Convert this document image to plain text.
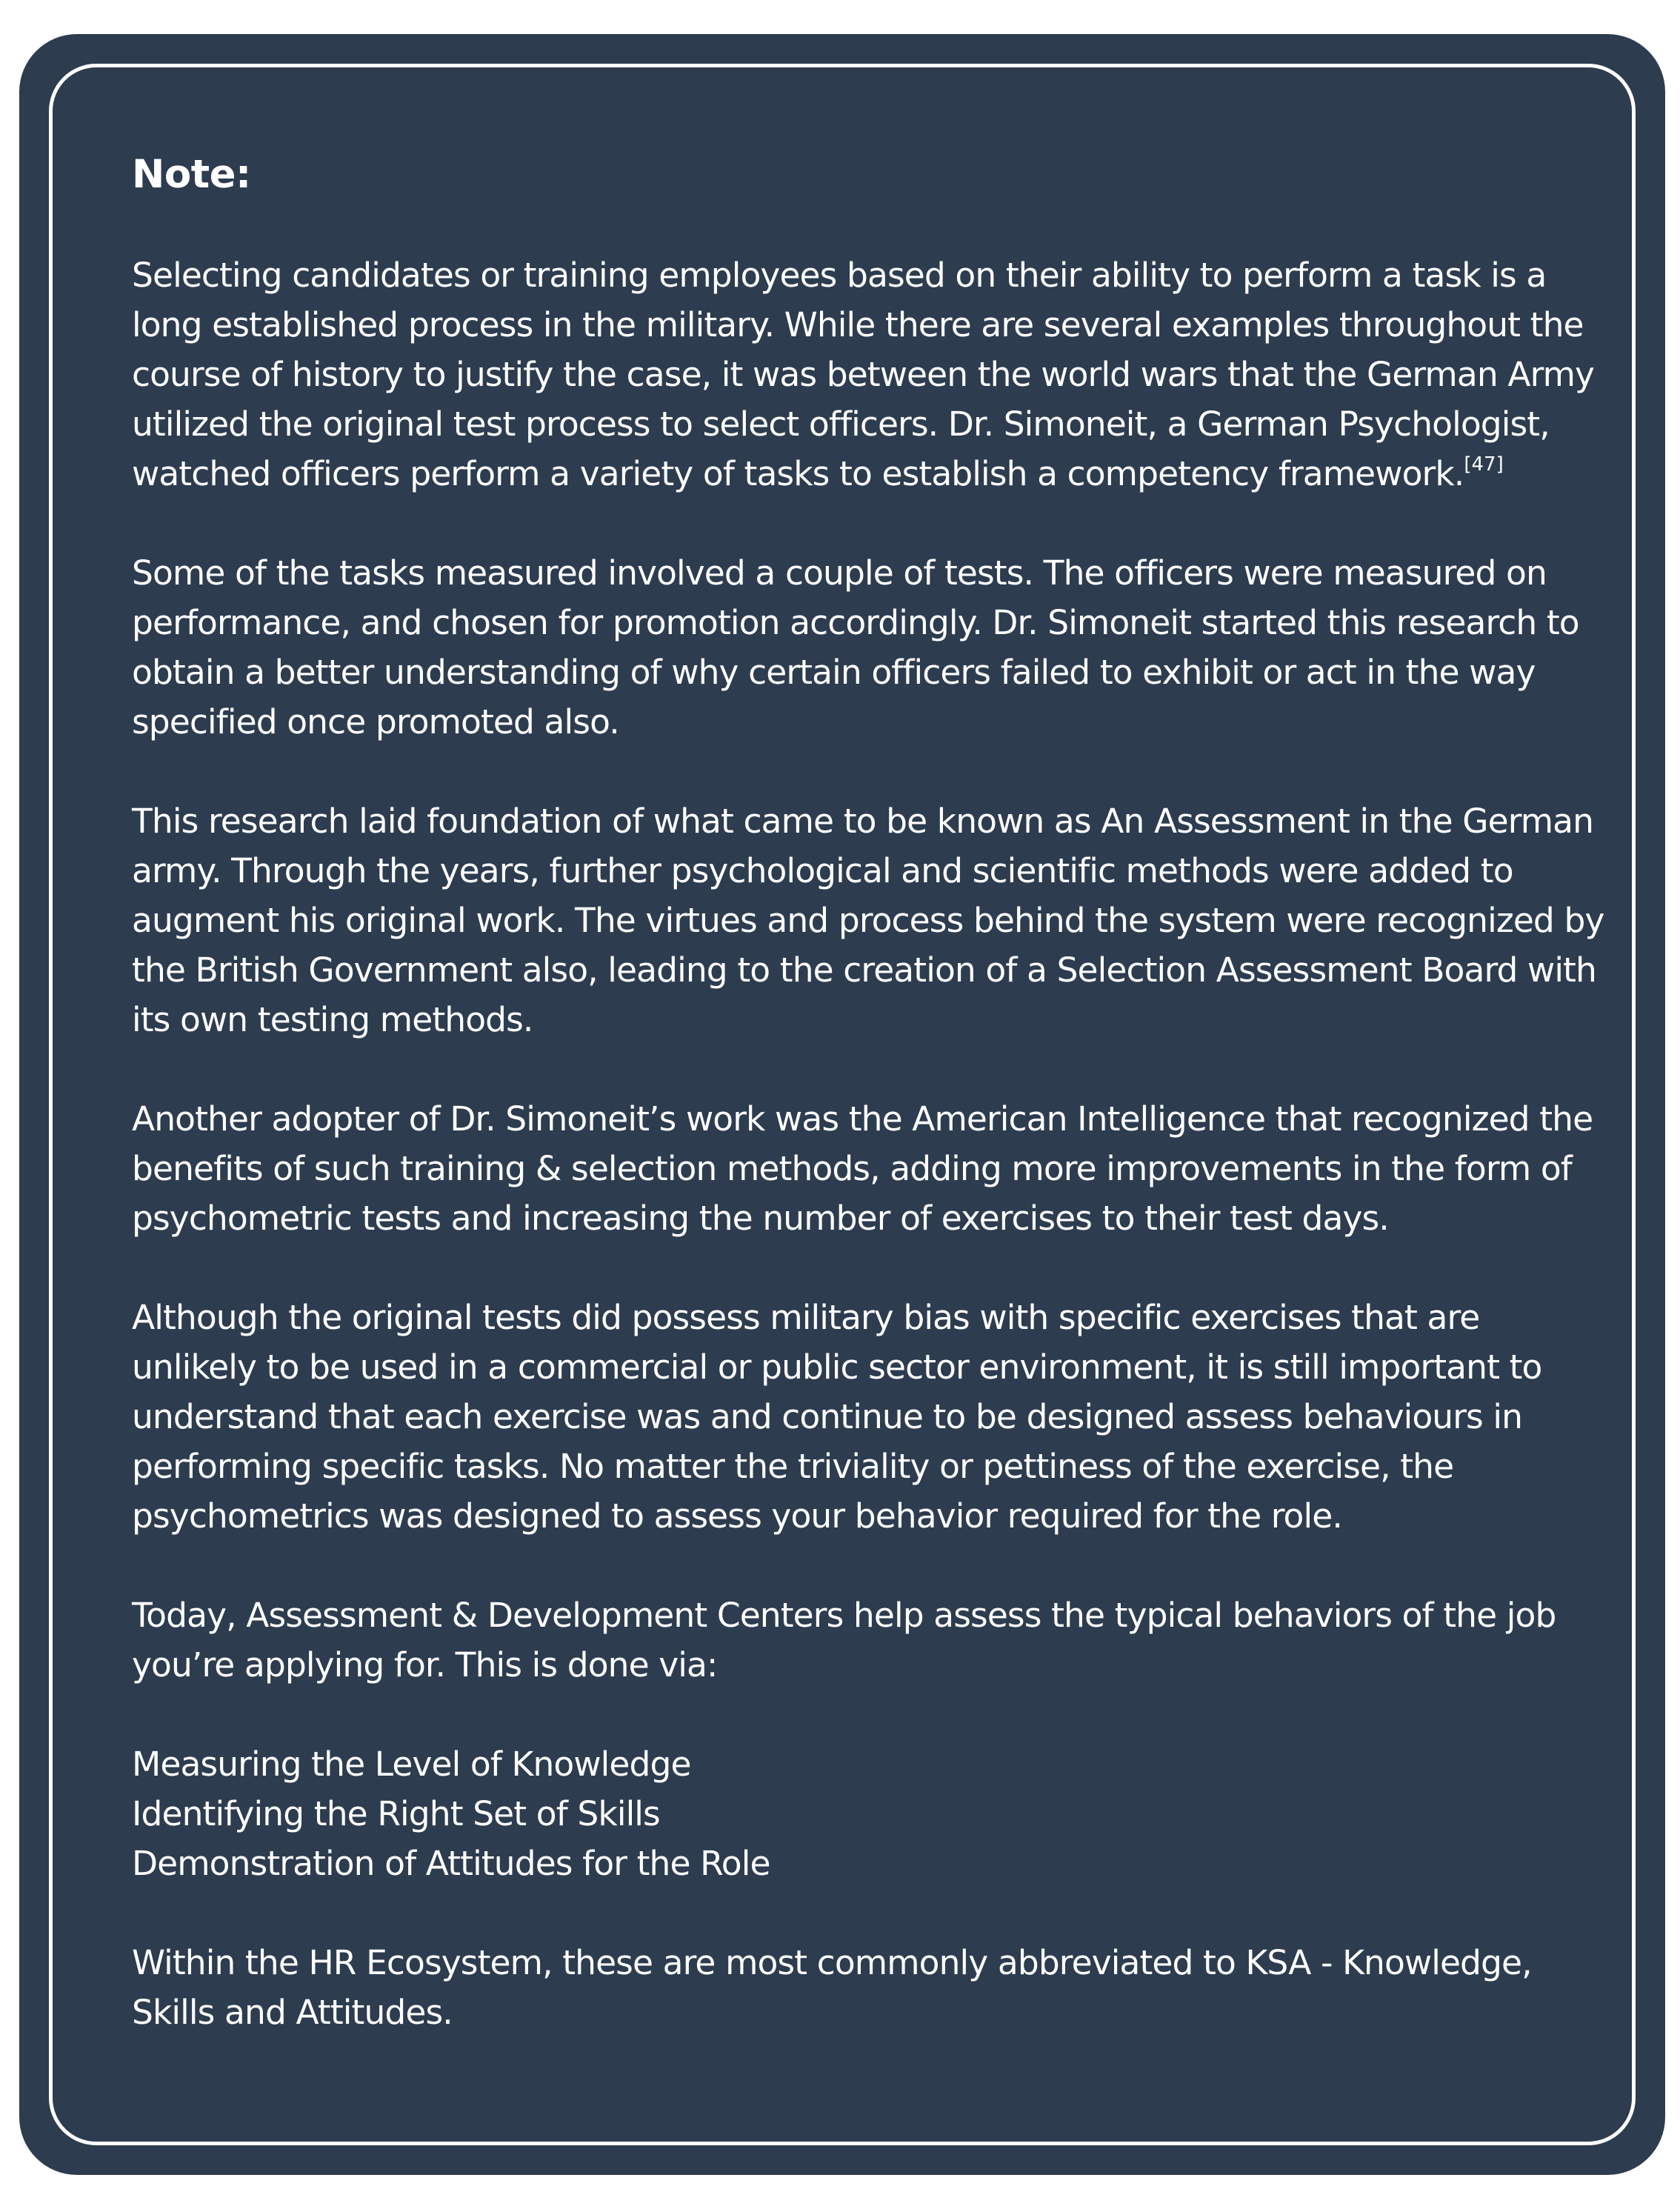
Note:

Selecting candidates or training employees based on their ability to perform a task is a long established process in the military. While there are several examples throughout the course of history to justify the case, it was between the world wars that the German Army utilized the original test process to select officers. Dr. Simoneit, a German Psychologist, watched officers perform a variety of tasks to establish a competency framework.[47]

Some of the tasks measured involved a couple of tests. The officers were measured on performance, and chosen for promotion accordingly. Dr. Simoneit started this research to obtain a better understanding of why certain officers failed to exhibit or act in the way specified once promoted also.

This research laid foundation of what came to be known as An Assessment in the German army. Through the years, further psychological and scientific methods were added to augment his original work. The virtues and process behind the system were recognized by the British Government also, leading to the creation of a Selection Assessment Board with its own testing methods.

Another adopter of Dr. Simoneit’s work was the American Intelligence that recognized the benefits of such training & selection methods, adding more improvements in the form of psychometric tests and increasing the number of exercises to their test days.

Although the original tests did possess military bias with specific exercises that are unlikely to be used in a commercial or public sector environment, it is still important to understand that each exercise was and continue to be designed assess behaviours in performing specific tasks. No matter the triviality or pettiness of the exercise, the psychometrics was designed to assess your behavior required for the role.

Today, Assessment & Development Centers help assess the typical behaviors of the job you’re applying for. This is done via:

Measuring the Level of Knowledge
Identifying the Right Set of Skills
Demonstration of Attitudes for the Role

Within the HR Ecosystem, these are most commonly abbreviated to KSA - Knowledge, Skills and Attitudes.
